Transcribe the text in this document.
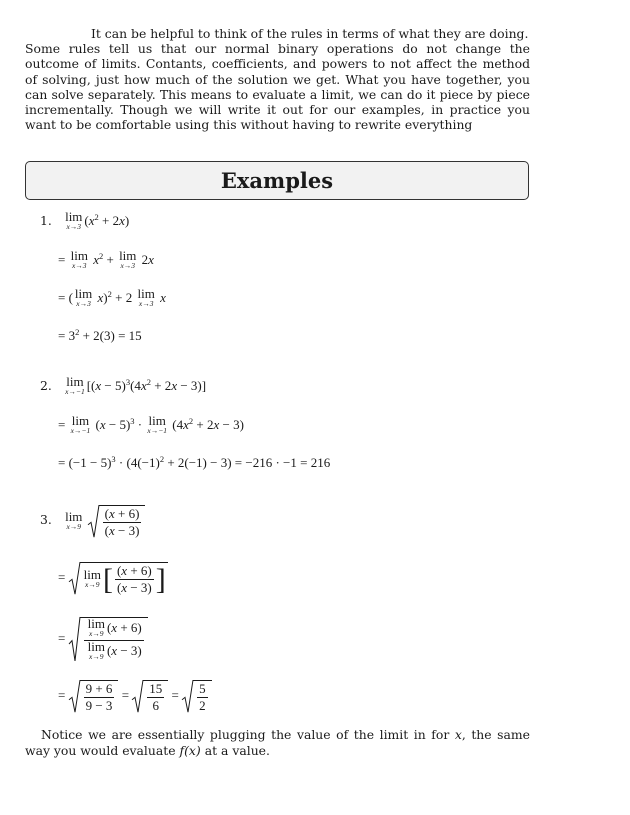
It can be helpful to think of the rules in terms of what they are doing.
Some rules tell us that our normal binary operations do not change the outcome of limits. Contants, coefficients, and powers to not affect the method of solving, just how much of the solution we get. What you have together, you can solve separately. This means to evaluate a limit, we can do it piece by piece incrementally. Though we will write it out for our examples, in practice you want to be comfortable using this without having to rewrite everything
Examples
1. lim
x→3 $(x^2 + 2x)$
= lim
x→3 $x^2 + \lim$
x→3 2x
= ( lim
x→3 x)$^2$ + 2 lim
x→3 x
= $3^2 + 2(3) = 15$
2. lim
x→−1 $[(x - 5)^3(4x^2 + 2x - 3)]$
= lim
x→−1 $(x - 5)^3 \cdot \lim$
x→−1 $(4x^2 + 2x - 3)$
= $(-1 - 5)^3 \cdot (4(-1)^2 + 2(-1) - 3) = -216 \cdot -1 = 216$
3. lim
x→9
$\frac{(x + 6)}{(x - 3)}$
= lim
x→9 [ $\frac{(x + 6)}{(x - 3)}$ ]
= lim
x→9 (x + 6)
lim
x→9 (x − 3)
= $\frac{9 + 6}{9 - 3} = \frac{15}{6} = \frac{5}{2}$
Notice we are essentially plugging the value of the limit in for x, the same way you would evaluate f(x) at a value.
